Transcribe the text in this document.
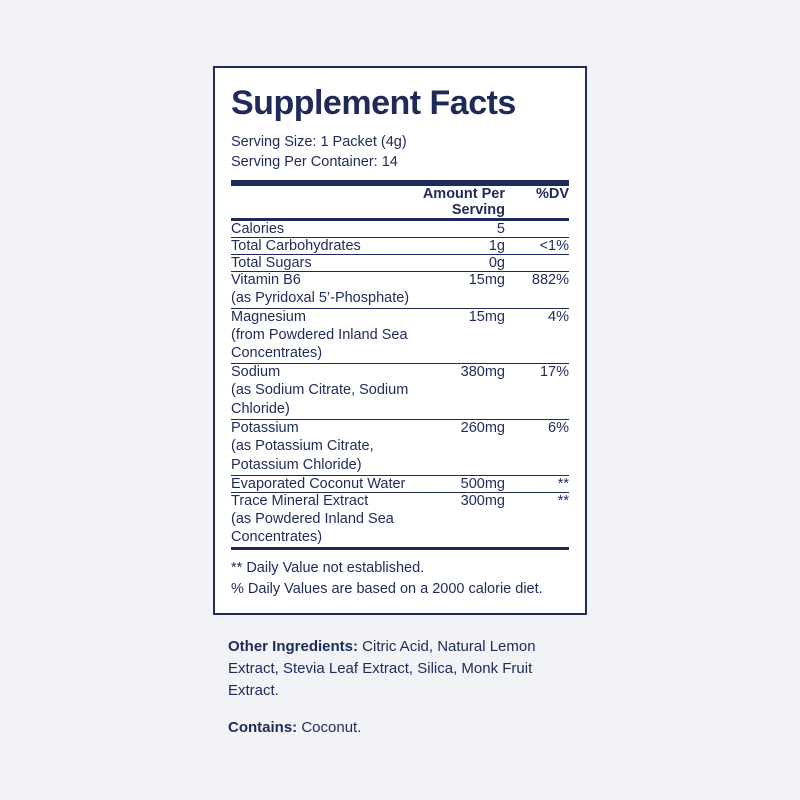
Supplement Facts
Serving Size: 1 Packet (4g)
Serving Per Container: 14
	Amount Per Serving	%DV

Calories	5	

Total Carbohydrates	1g	<1%

Total Sugars	0g	

Vitamin B6
(as Pyridoxal 5’-Phosphate)	15mg	882%

Magnesium
(from Powdered Inland Sea Concentrates)	15mg	4%

Sodium
(as Sodium Citrate, Sodium Chloride)	380mg	17%

Potassium
(as Potassium Citrate, Potassium Chloride)	260mg	6%

Evaporated Coconut Water	500mg	**

Trace Mineral Extract
(as Powdered Inland Sea Concentrates)	300mg	**

** Daily Value not established.
% Daily Values are based on a 2000 calorie diet.

Other Ingredients: Citric Acid, Natural Lemon Extract, Stevia Leaf Extract, Silica, Monk Fruit Extract.

Contains: Coconut.
